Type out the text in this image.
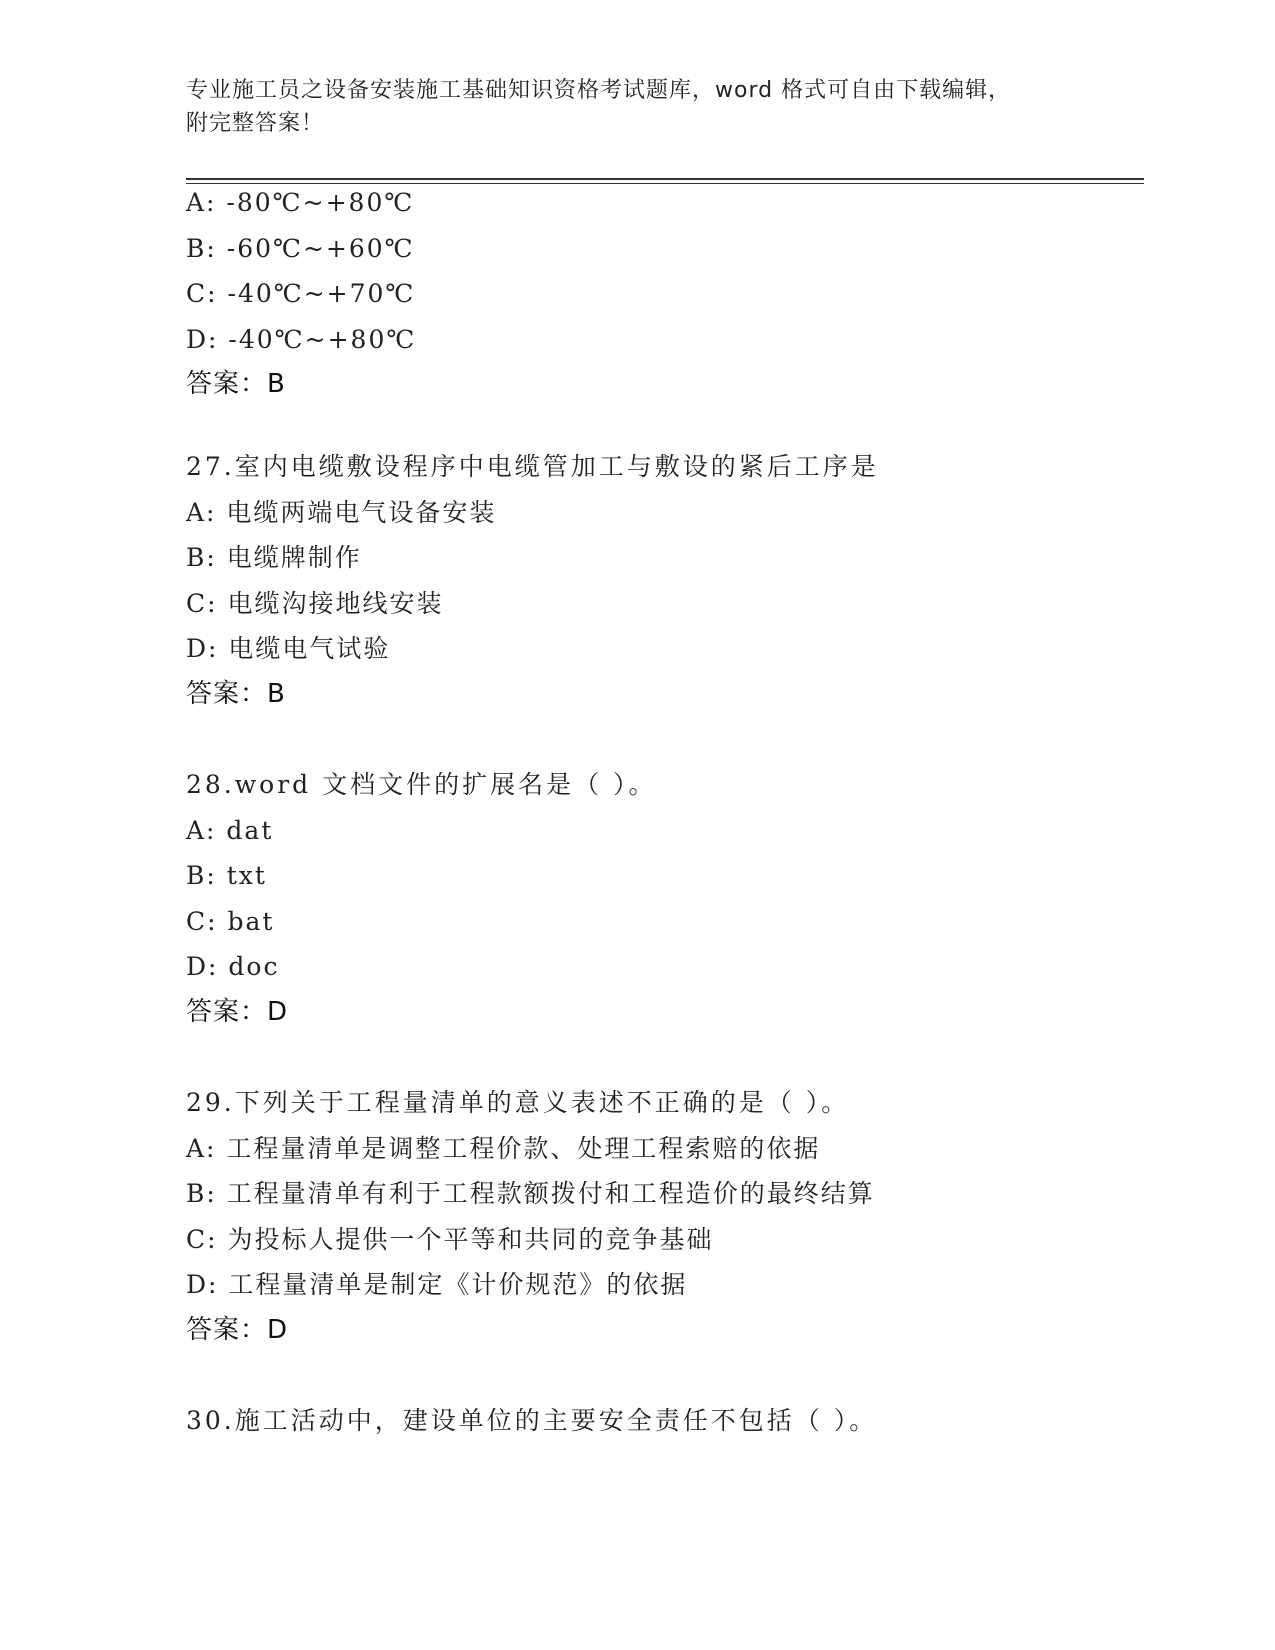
专业施工员之设备安装施工基础知识资格考试题库，word 格式可自由下载编辑，
附完整答案！
A: -80℃~+80℃
B: -60℃~+60℃
C: -40℃~+70℃
D: -40℃~+80℃
答案：B
27.室内电缆敷设程序中电缆管加工与敷设的紧后工序是
A: 电缆两端电气设备安装
B: 电缆牌制作
C: 电缆沟接地线安装
D: 电缆电气试验
答案：B
28.word 文档文件的扩展名是（ ）。
A: dat
B: txt
C: bat
D: doc
答案：D
29.下列关于工程量清单的意义表述不正确的是（ ）。
A: 工程量清单是调整工程价款、处理工程索赔的依据
B: 工程量清单有利于工程款额拨付和工程造价的最终结算
C: 为投标人提供一个平等和共同的竞争基础
D: 工程量清单是制定《计价规范》的依据
答案：D
30.施工活动中，建设单位的主要安全责任不包括（ ）。
